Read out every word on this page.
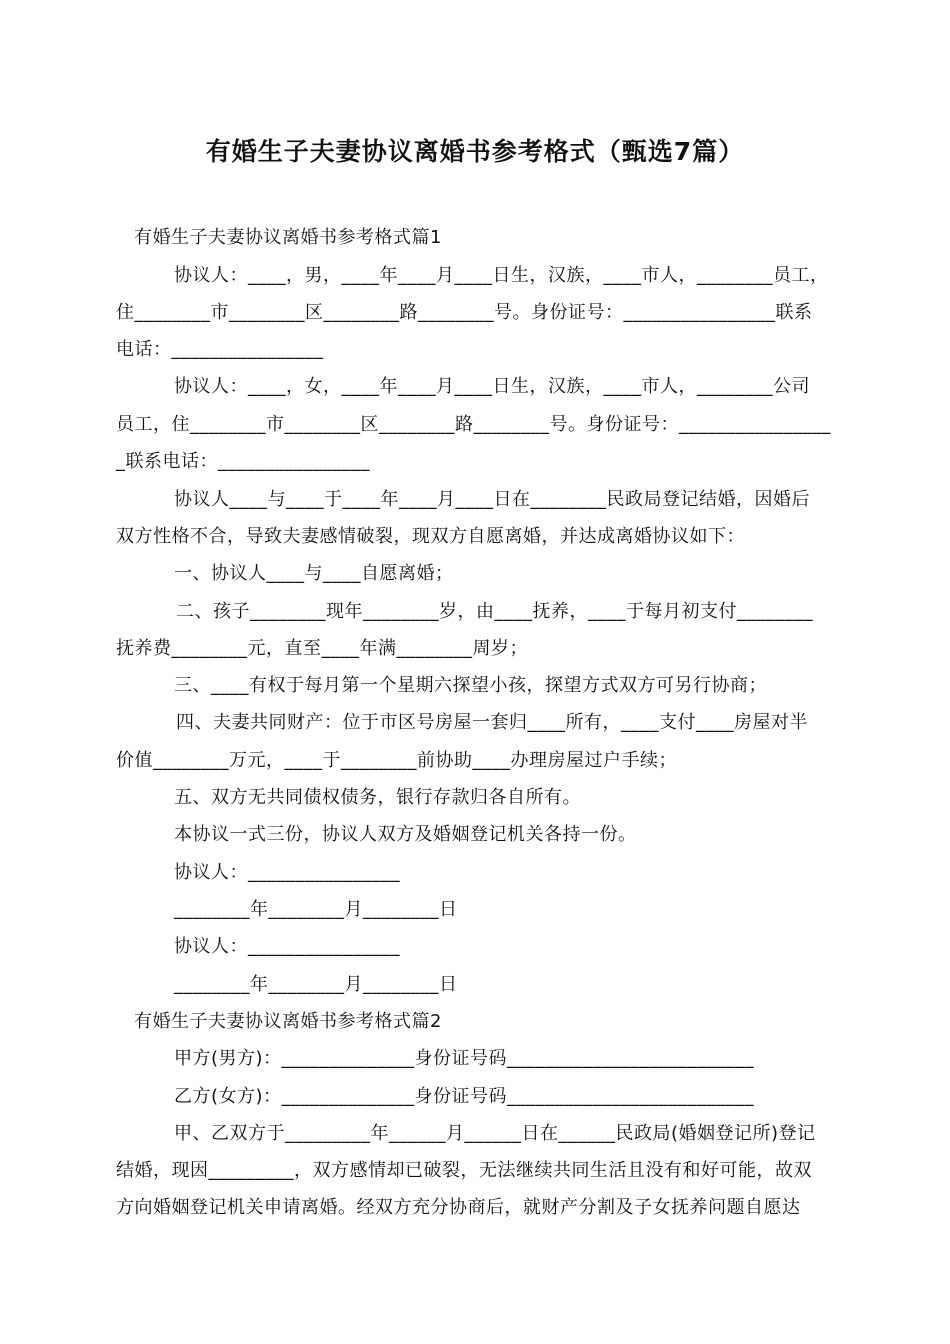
有婚生子夫妻协议离婚书参考格式（甄选7篇）
有婚生子夫妻协议离婚书参考格式篇1
协议人：____，男，____年____月____日生，汉族，____市人，________员工，
住________市________区________路________号。身份证号：________________联系
电话：________________
协议人：____，女，____年____月____日生，汉族，____市人，________公司
员工，住________市________区________路________号。身份证号：________________
_联系电话：________________
协议人____与____于____年____月____日在________民政局登记结婚，因婚后
双方性格不合，导致夫妻感情破裂，现双方自愿离婚，并达成离婚协议如下：
一、协议人____与____自愿离婚；
二、孩子________现年________岁，由____抚养，____于每月初支付________
抚养费________元，直至____年满________周岁；
三、____有权于每月第一个星期六探望小孩，探望方式双方可另行协商；
四、夫妻共同财产：位于市区号房屋一套归____所有，____支付____房屋对半
价值________万元，____于________前协助____办理房屋过户手续；
五、双方无共同债权债务，银行存款归各自所有。
本协议一式三份，协议人双方及婚姻登记机关各持一份。
协议人：________________
________年________月________日
协议人：________________
________年________月________日
有婚生子夫妻协议离婚书参考格式篇2
甲方(男方)：______________身份证号码__________________________
乙方(女方)：______________身份证号码__________________________
甲、乙双方于_________年______月______日在______民政局(婚姻登记所)登记
结婚，现因_________，双方感情却已破裂，无法继续共同生活且没有和好可能，故双
方向婚姻登记机关申请离婚。经双方充分协商后，就财产分割及子女抚养问题自愿达
